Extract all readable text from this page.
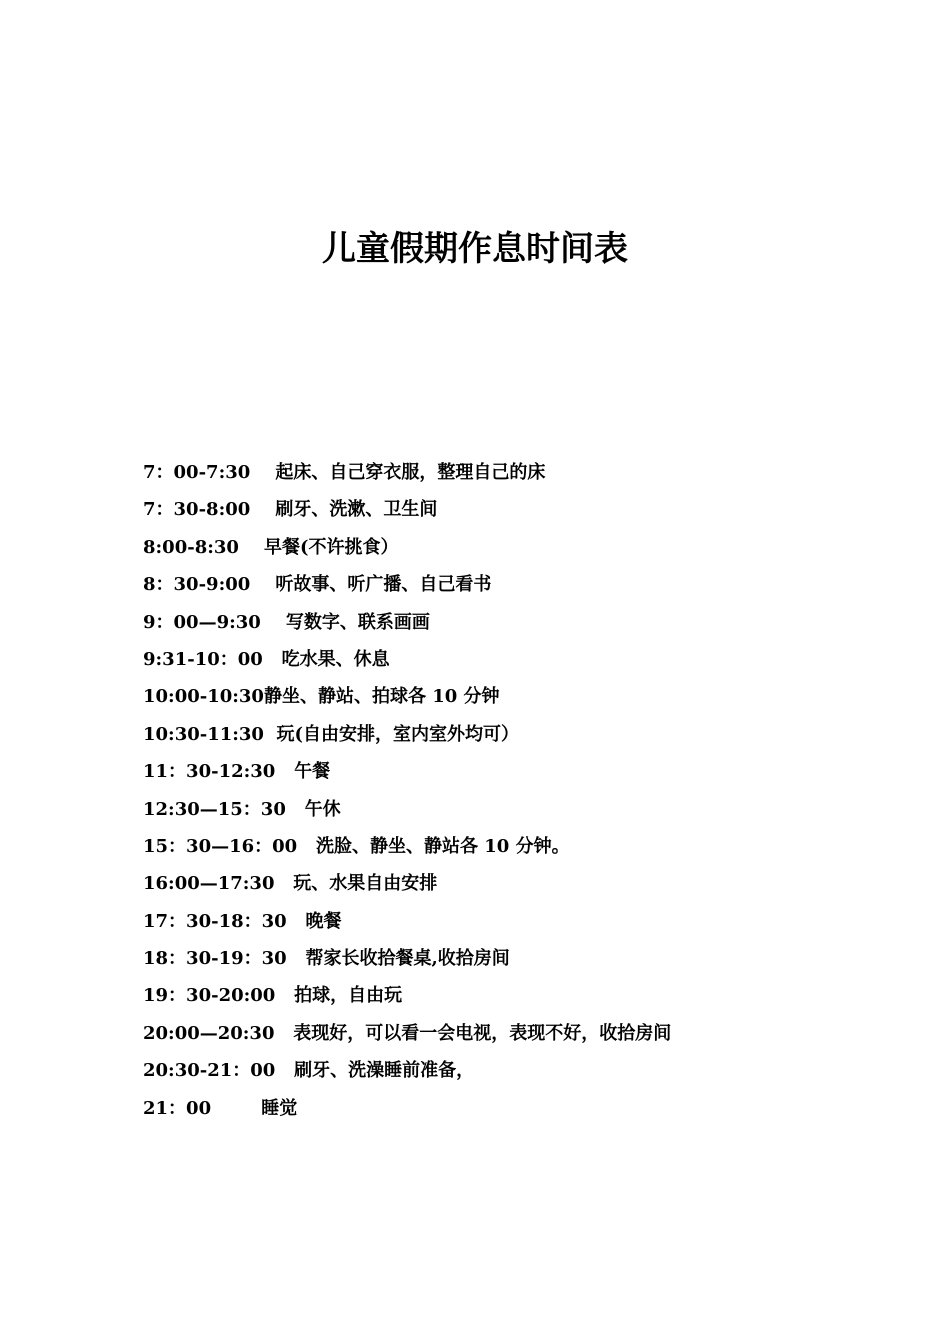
儿童假期作息时间表
7：00-7:30 起床、自己穿衣服，整理自己的床
7：30-8:00 刷牙、洗漱、卫生间
8:00-8:30 早餐(不许挑食）
8：30-9:00 听故事、听广播、自己看书
9：00—9:30 写数字、联系画画
9:31-10：00 吃水果、休息
10:00-10:30静坐、静站、拍球各 10 分钟
10:30-11:30 玩(自由安排，室内室外均可）
11：30-12:30 午餐
12:30—15：30 午休
15：30—16：00 洗脸、静坐、静站各 10 分钟。
16:00—17:30 玩、水果自由安排
17：30-18：30 晚餐
18：30-19：30 帮家长收拾餐桌,收拾房间
19：30-20:00 拍球，自由玩
20:00—20:30 表现好，可以看一会电视，表现不好，收拾房间
20:30-21：00 刷牙、洗澡睡前准备，
21：00	睡觉
